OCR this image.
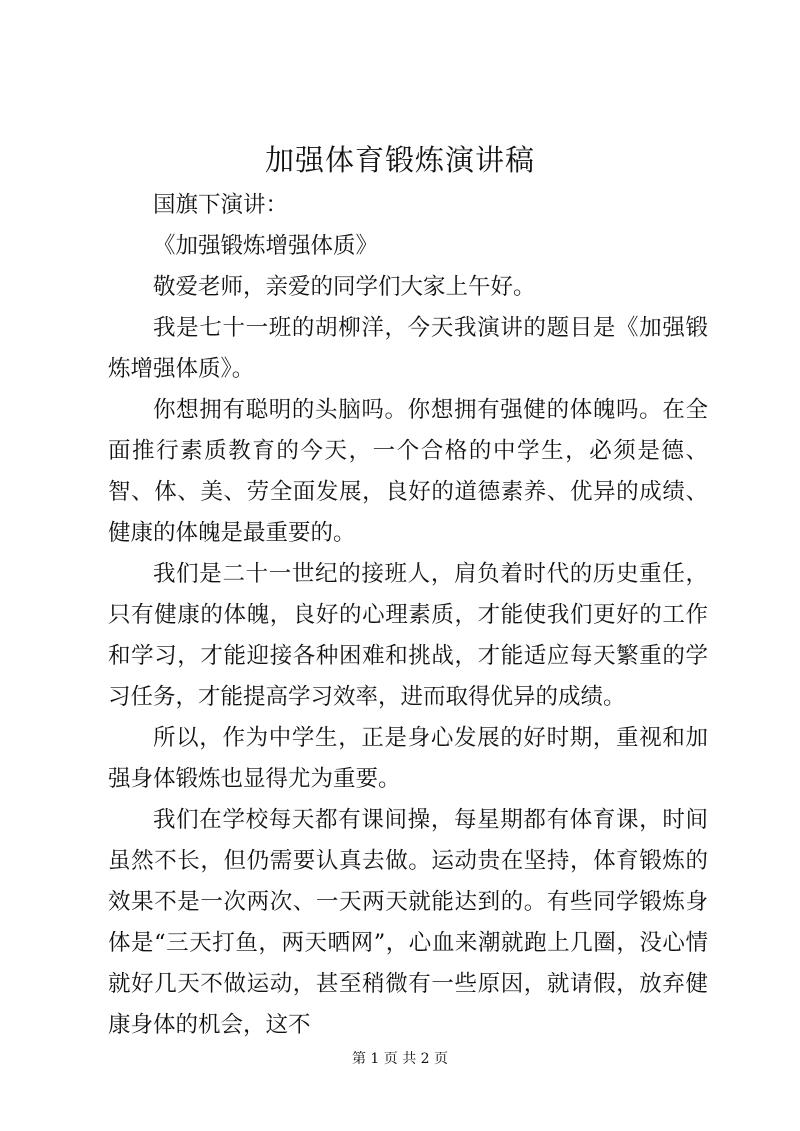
加强体育锻炼演讲稿

国旗下演讲：

《加强锻炼增强体质》

敬爱老师，亲爱的同学们大家上午好。

我是七十一班的胡柳洋，今天我演讲的题目是《加强锻炼增强体质》。

你想拥有聪明的头脑吗。你想拥有强健的体魄吗。在全面推行素质教育的今天，一个合格的中学生，必须是德、智、体、美、劳全面发展，良好的道德素养、优异的成绩、健康的体魄是最重要的。

我们是二十一世纪的接班人，肩负着时代的历史重任，只有健康的体魄，良好的心理素质，才能使我们更好的工作和学习，才能迎接各种困难和挑战，才能适应每天繁重的学习任务，才能提高学习效率，进而取得优异的成绩。

所以，作为中学生，正是身心发展的好时期，重视和加强身体锻炼也显得尤为重要。

我们在学校每天都有课间操，每星期都有体育课，时间虽然不长，但仍需要认真去做。运动贵在坚持，体育锻炼的效果不是一次两次、一天两天就能达到的。有些同学锻炼身体是“三天打鱼，两天晒网”，心血来潮就跑上几圈，没心情就好几天不做运动，甚至稍微有一些原因，就请假，放弃健康身体的机会，这不

第 1 页 共 2 页
